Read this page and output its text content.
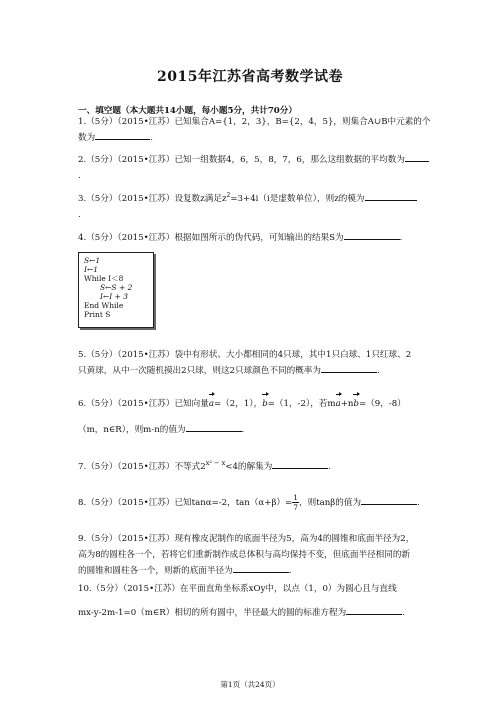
2015年江苏省高考数学试卷
一、填空题（本大题共14小题，每小题5分，共计70分）
1.（5分）（2015•江苏）已知集合A={1，2，3}，B={2，4，5}，则集合A∪B中元素的个
数为	.
2.（5分）（2015•江苏）已知一组数据4，6，5，8，7，6，那么这组数据的平均数为
.
3.（5分）（2015•江苏）设复数z满足$z^2=3+4i(i$是虚数单位），则z的模为
.
4.（5分）（2015•江苏）根据如图所示的伪代码，可知输出的结果S为	.
S←1
I←1
While I＜8
S←S + 2
I←I + 3
End While
Print S
5.（5分）（2015•江苏）袋中有形状、大小都相同的4只球，其中1只白球、1只红球、2
只黄球，从中一次随机摸出2只球，则这2只球颜色不同的概率为	.
6.（5分）（2015•江苏）已知向量a=（2，1），b=（1，-2），若ma+nb=（9，-8）
（m，n∈R），则m-n的值为	.
7.（5分）（2015•江苏）不等式$2^{x^2 - x}<4$的解集为	.
8.（5分）（2015•江苏）已知tanα=-2，$\tan(\alpha+\beta)= \frac{1}{7}$ ，则tanβ的值为	.
9.（5分）（2015•江苏）现有橡皮泥制作的底面半径为5，高为4的圆锥和底面半径为2，
高为8的圆柱各一个，若将它们重新制作成总体积与高均保持不变，但底面半径相同的新
的圆锥和圆柱各一个，则新的底面半径为	.
10.（5分）（2015•江苏）在平面直角坐标系xOy中，以点（1，0）为圆心且与直线
mx-y-2m-1=0（m∈R）相切的所有圆中，半径最大的圆的标准方程为	.
第1页（共24页）
